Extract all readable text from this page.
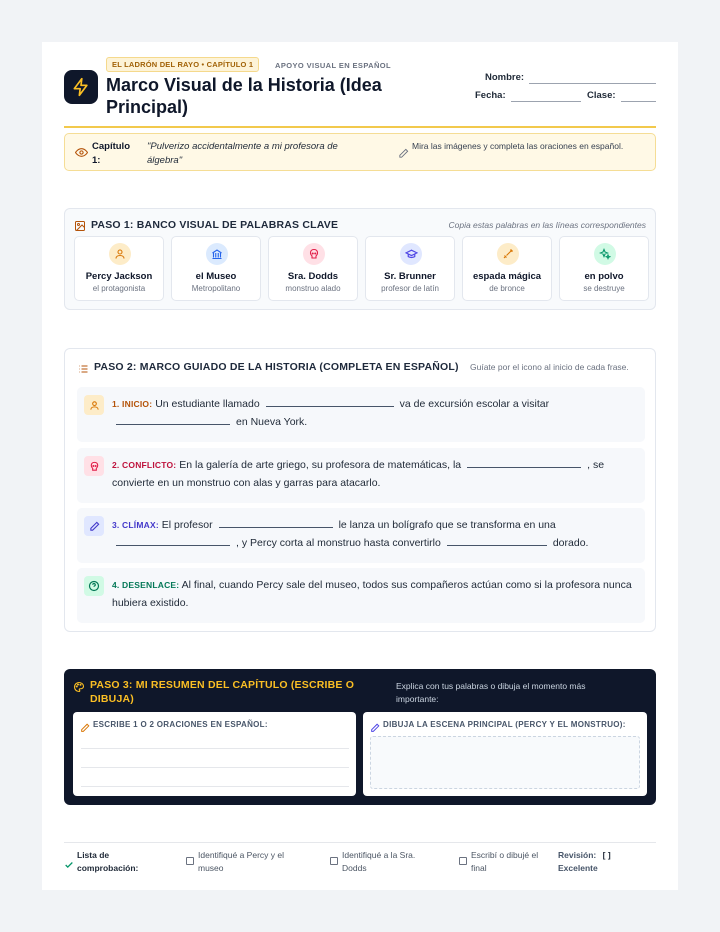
EL LADRÓN DEL RAYO • CAPÍTULO 1	APOYO VISUAL EN ESPAÑOL
Marco Visual de la Historia (Idea Principal)
Nombre:
Fecha:	Clase:
Capítulo 1:
"Pulverizo accidentalmente a mi profesora de álgebra"
Mira las imágenes y completa las oraciones en español.
PASO 1: BANCO VISUAL DE PALABRAS CLAVE	Copia estas palabras en las líneas correspondientes
Percy Jackson
el protagonista
el Museo
Metropolitano
Sra. Dodds
monstruo alado
Sr. Brunner
profesor de latín
espada mágica
de bronce
en polvo
se destruye
PASO 2: MARCO GUIADO DE LA HISTORIA (COMPLETA EN ESPAÑOL) Guíate por el icono al inicio de cada frase.
1. INICIO: Un estudiante llamado	va de excursión escolar a visitar en Nueva York.
2. CONFLICTO: En la galería de arte griego, su profesora de matemáticas, la	, se convierte en un monstruo con alas y garras para atacarlo.
3. CLÍMAX: El profesor	le lanza un bolígrafo que se transforma en una , y Percy corta al monstruo hasta convertirlo	dorado.
4. DESENLACE: Al final, cuando Percy sale del museo, todos sus compañeros actúan como si la profesora nunca hubiera existido.
PASO 3: MI RESUMEN DEL CAPÍTULO (ESCRIBE O DIBUJA)
Explica con tus palabras o dibuja el momento más importante:
ESCRIBE 1 O 2 ORACIONES EN ESPAÑOL:	DIBUJA LA ESCENA PRINCIPAL (PERCY Y EL MONSTRUO):
Lista de comprobación:
Identifiqué a Percy y el museo
Identifiqué a la Sra. Dodds
Escribí o dibujé el final
Revisión: [ ]
Excelente
